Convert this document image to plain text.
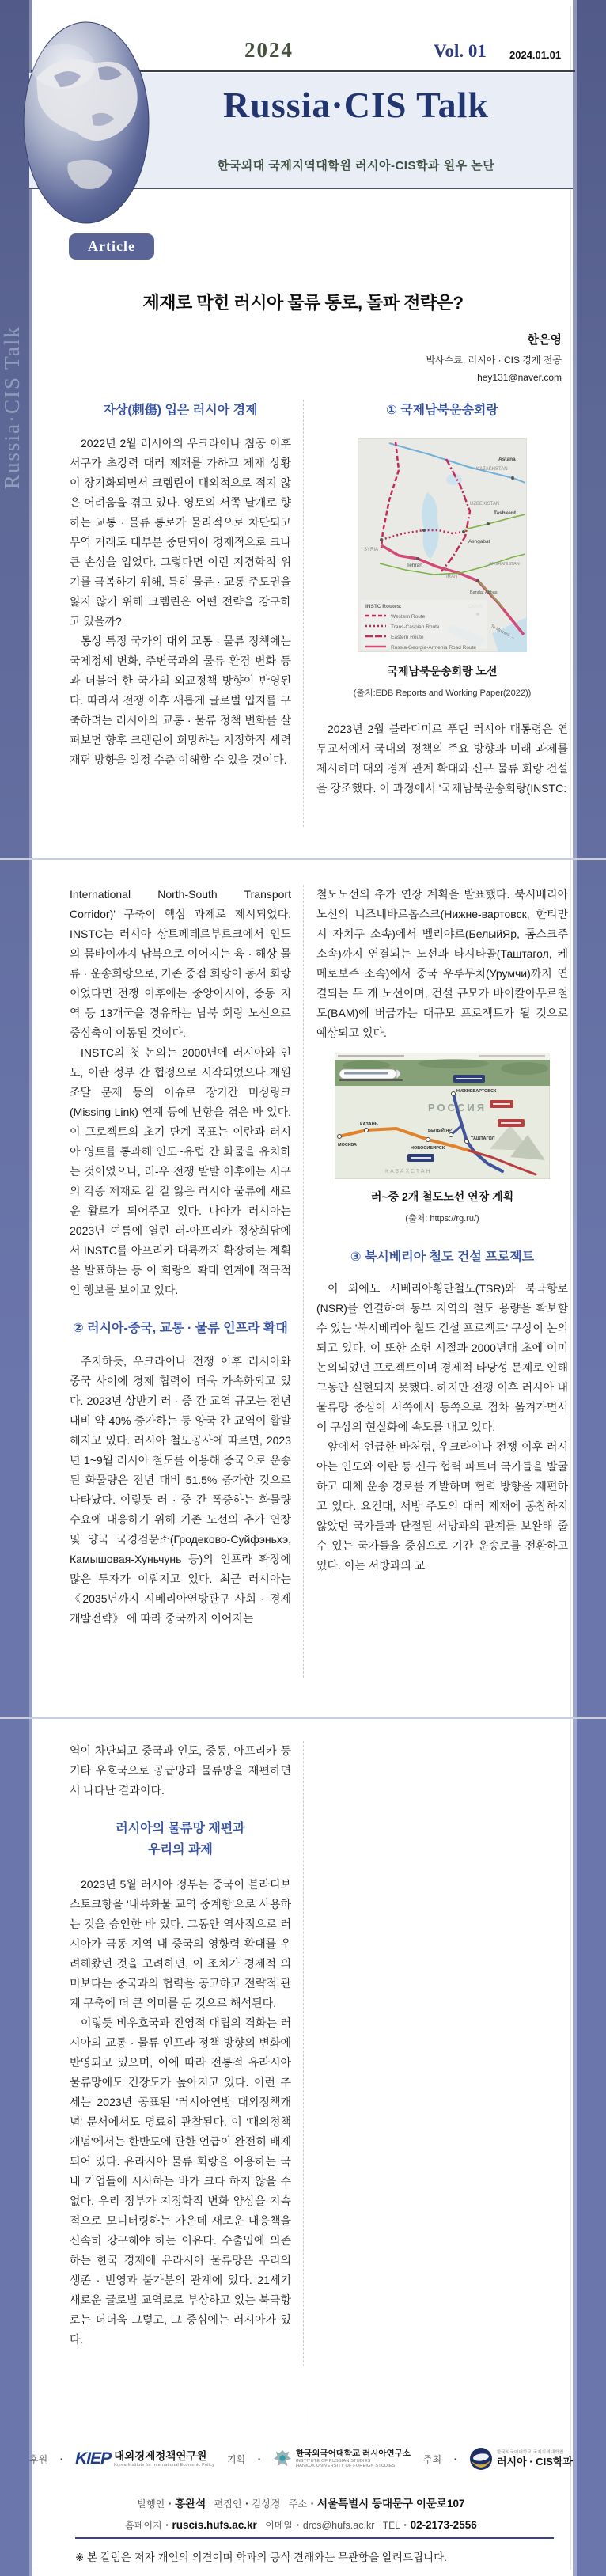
Russia·CIS Talk
2024	Vol. 01 2024.01.01
Russia·CIS Talk
한국외대 국제지역대학원 러시아-CIS학과 원우 논단
Article
제재로 막힌 러시아 물류 통로, 돌파 전략은?
한은영
박사수료, 러시아 · CIS 경제 전공
hey131@naver.com
자상(刺傷) 입은 러시아 경제

2022년 2월 러시아의 우크라이나 침공 이후 서구가 초강력 대러 제재를 가하고 제재 상황이 장기화되면서 크렘린이 대외적으로 적지 않은 어려움을 겪고 있다. 영토의 서쪽 날개로 향하는 교통 · 물류 통로가 물리적으로 차단되고 무역 거래도 대부분 중단되어 경제적으로 크나큰 손상을 입었다. 그렇다면 이런 지경학적 위기를 극복하기 위해, 특히 물류 · 교통 주도권을 잃지 않기 위해 크렘린은 어떤 전략을 강구하고 있을까?

통상 특정 국가의 대외 교통 · 물류 정책에는 국제정세 변화, 주변국과의 물류 환경 변화 등과 더불어 한 국가의 외교정책 방향이 반영된다. 따라서 전쟁 이후 새롭게 글로벌 입지를 구축하려는 러시아의 교통 · 물류 정책 변화를 살펴보면 향후 크렘린이 희망하는 지정학적 세력 재편 방향을 일정 수준 이해할 수 있을 것이다.

① 국제남북운송회랑
KAZAKHSTAN
Astana
UZBEKISTAN
Tashkent
Ashgabat
Tehran
IRAN
SYRIA
AFGHANISTAN
Bandar Abbas
To Mumbai →
INSTC Routes:
Western Route
Trans-Caspian Route
Eastern Route
Russia-Georgia-Armenia Road Route
국제남북운송회랑 노선
(출처:EDB Reports and Working Paper(2022))

2023년 2월 블라디미르 푸틴 러시아 대통령은 연두교서에서 국내외 정책의 주요 방향과 미래 과제를 제시하며 대외 경제 관계 확대와 신규 물류 회랑 건설을 강조했다. 이 과정에서 '국제남북운송회랑(INSTC:

International North-South Transport Corridor)' 구축이 핵심 과제로 제시되었다. INSTC는 러시아 상트페테르부르크에서 인도의 뭄바이까지 남북으로 이어지는 육 · 해상 물류 · 운송회랑으로, 기존 중점 회랑이 동서 회랑이었다면 전쟁 이후에는 중앙아시아, 중동 지역 등 13개국을 경유하는 남북 회랑 노선으로 중심축이 이동된 것이다.

INSTC의 첫 논의는 2000년에 러시아와 인도, 이란 정부 간 협정으로 시작되었으나 재원 조달 문제 등의 이슈로 장기간 미싱링크(Missing Link) 연계 등에 난항을 겪은 바 있다. 이 프로젝트의 초기 단계 목표는 이란과 러시아 영토를 통과해 인도~유럽 간 화물을 유치하는 것이었으나, 러-우 전쟁 발발 이후에는 서구의 각종 제재로 갈 길 잃은 러시아 물류에 새로운 활로가 되어주고 있다. 나아가 러시아는 2023년 여름에 열린 러-아프리카 정상회담에서 INSTC를 아프리카 대륙까지 확장하는 계획을 발표하는 등 이 회랑의 확대 연계에 적극적인 행보를 보이고 있다.

② 러시아-중국, 교통 · 물류 인프라 확대

주지하듯, 우크라이나 전쟁 이후 러시아와 중국 사이에 경제 협력이 더욱 가속화되고 있다. 2023년 상반기 러 · 중 간 교역 규모는 전년 대비 약 40% 증가하는 등 양국 간 교역이 활발해지고 있다. 러시아 철도공사에 따르면, 2023년 1~9월 러시아 철도를 이용해 중국으로 운송된 화물량은 전년 대비 51.5% 증가한 것으로 나타났다. 이렇듯 러 · 중 간 폭증하는 화물량 수요에 대응하기 위해 기존 노선의 추가 연장 및 양국 국경검문소(Гродеково-Суйфэньхэ, Камышовая-Хуньчунь 등)의 인프라 확장에 많은 투자가 이뤄지고 있다. 최근 러시아는 《2035년까지 시베리아연방관구 사회 · 경제 개발전략》 에 따라 중국까지 이어지는

철도노선의 추가 연장 계획을 발표했다. 북시베리아 노선의 니즈네바르톱스크(Нижне-вартовск, 한티만시 자치구 소속)에서 벨리야르(БелыйЯр, 톰스크주 소속)까지 연결되는 노선과 타시타골(Таштагол, 케메로보주 소속)에서 중국 우루무치(Урумчи)까지 연결되는 두 개 노선이며, 건설 규모가 바이칼아무르철도(BAM)에 버금가는 대규모 프로젝트가 될 것으로 예상되고 있다.

РОССИЯ
КАЗАХСТАН
МОСКВА
КАЗАНЬ
НОВОСИБИРСК
НИЖНЕВАРТОВСК
БЕЛЫЙ ЯР
ТАШТАГОЛ
러~중 2개 철도노선 연장 계획
(출처: https://rg.ru/)
③ 북시베리아 철도 건설 프로젝트

이 외에도 시베리아횡단철도(TSR)와 북극항로(NSR)를 연결하여 동부 지역의 철도 용량을 확보할 수 있는 '북시베리아 철도 건설 프로젝트' 구상이 논의되고 있다. 이 또한 소련 시절과 2000년대 초에 이미 논의되었던 프로젝트이며 경제적 타당성 문제로 인해 그동안 실현되지 못했다. 하지만 전쟁 이후 러시아 내 물류망 중심이 서쪽에서 동쪽으로 점차 옮겨가면서 이 구상의 현실화에 속도를 내고 있다.

앞에서 언급한 바처럼, 우크라이나 전쟁 이후 러시아는 인도와 이란 등 신규 협력 파트너 국가들을 발굴하고 대체 운송 경로를 개발하며 협력 방향을 재편하고 있다. 요컨대, 서방 주도의 대러 제재에 동참하지 않았던 국가들과 단절된 서방과의 관계를 보완해 줄 수 있는 국가들을 중심으로 기간 운송로를 전환하고 있다. 이는 서방과의 교

역이 차단되고 중국과 인도, 중동, 아프리카 등 기타 우호국으로 공급망과 물류망을 재편하면서 나타난 결과이다.

러시아의 물류망 재편과
우리의 과제

2023년 5월 러시아 정부는 중국이 블라디보스토크항을 '내륙화물 교역 중계항'으로 사용하는 것을 승인한 바 있다. 그동안 역사적으로 러시아가 극동 지역 내 중국의 영향력 확대를 우려해왔던 것을 고려하면, 이 조치가 경제적 의미보다는 중국과의 협력을 공고하고 전략적 관계 구축에 더 큰 의미를 둔 것으로 해석된다.

이렇듯 비우호국과 진영적 대립의 격화는 러시아의 교통 · 물류 인프라 정책 방향의 변화에 반영되고 있으며, 이에 따라 전통적 유라시아 물류망에도 긴장도가 높아지고 있다. 이런 추세는 2023년 공표된 '러시아연방 대외정책개념' 문서에서도 명료히 관찰된다. 이 '대외정책개념'에서는 한반도에 관한 언급이 완전히 배제되어 있다. 유라시아 물류 회랑을 이용하는 국내 기업들에 시사하는 바가 크다 하지 않을 수 없다. 우리 정부가 지정학적 변화 양상을 지속적으로 모니터링하는 가운데 새로운 대응책을 신속히 강구해야 하는 이유다. 수출입에 의존하는 한국 경제에 유라시아 물류망은 우리의 생존 · 번영과 불가분의 관계에 있다. 21세기 새로운 글로벌 교역로로 부상하고 있는 북극항로는 더더욱 그렇고, 그 중심에는 러시아가 있다.

후원 ▪ KIEP 대외경제정책연구원
Korea Institute for International Economic Policy
기획 ▪
한국외국어대학교 러시아연구소
INSTITUTE OF RUSSIAN STUDIES
HANKUK UNIVERSITY OF FOREIGN STUDIES
주최 ▪
한국외국어대학교 국제지역대학원
러시아 · CIS학과
발행인 ▪ 홍완석 편집인 ▪ 김상경 주소 ▪ 서울특별시 동대문구 이문로107
홈페이지 ▪ ruscis.hufs.ac.kr 이메일 ▪ drcs@hufs.ac.kr TEL ▪ 02-2173-2556
※ 본 칼럼은 저자 개인의 의견이며 학과의 공식 견해와는 무관함을 알려드립니다.
